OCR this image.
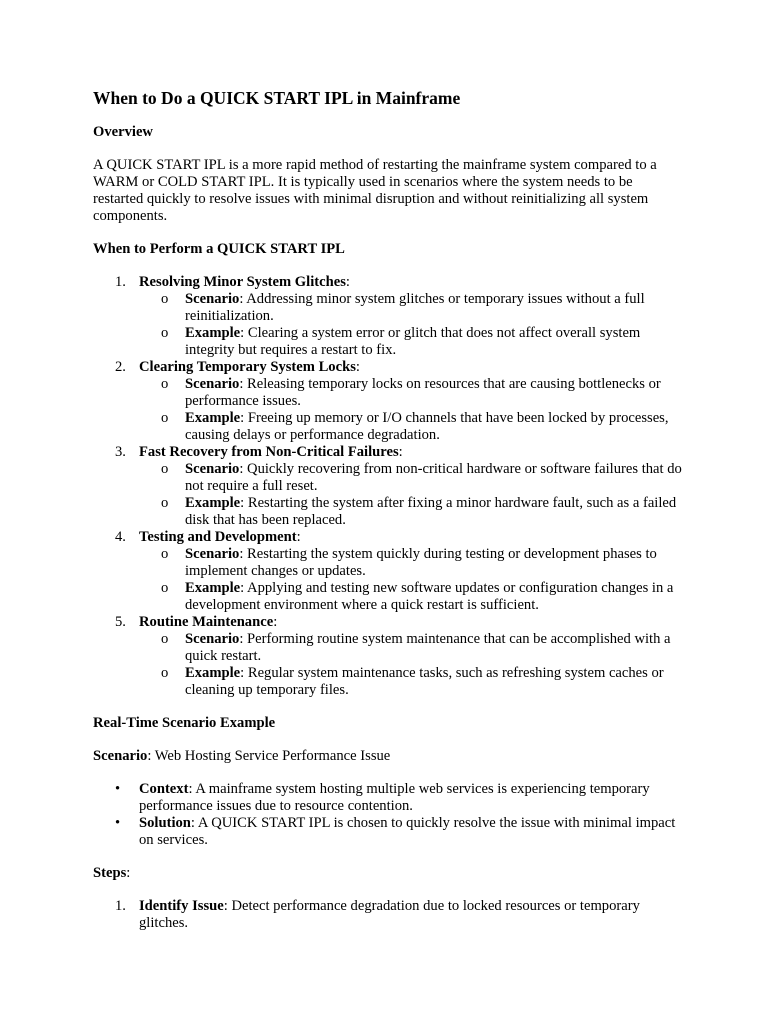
When to Do a QUICK START IPL in Mainframe
Overview

A QUICK START IPL is a more rapid method of restarting the mainframe system compared to a WARM or COLD START IPL. It is typically used in scenarios where the system needs to be restarted quickly to resolve issues with minimal disruption and without reinitializing all system components.

When to Perform a QUICK START IPL
1. Resolving Minor System Glitches:
o Scenario: Addressing minor system glitches or temporary issues without a full reinitialization.
o Example: Clearing a system error or glitch that does not affect overall system integrity but requires a restart to fix.
2. Clearing Temporary System Locks:
o Scenario: Releasing temporary locks on resources that are causing bottlenecks or performance issues.
o Example: Freeing up memory or I/O channels that have been locked by processes, causing delays or performance degradation.
3. Fast Recovery from Non-Critical Failures:
o Scenario: Quickly recovering from non-critical hardware or software failures that do not require a full reset.
o Example: Restarting the system after fixing a minor hardware fault, such as a failed disk that has been replaced.
4. Testing and Development:
o Scenario: Restarting the system quickly during testing or development phases to implement changes or updates.
o Example: Applying and testing new software updates or configuration changes in a development environment where a quick restart is sufficient.
5. Routine Maintenance:
o Scenario: Performing routine system maintenance that can be accomplished with a quick restart.
o Example: Regular system maintenance tasks, such as refreshing system caches or cleaning up temporary files.
Real-Time Scenario Example

Scenario: Web Hosting Service Performance Issue

• Context: A mainframe system hosting multiple web services is experiencing temporary performance issues due to resource contention.
• Solution: A QUICK START IPL is chosen to quickly resolve the issue with minimal impact on services.

Steps:

1. Identify Issue: Detect performance degradation due to locked resources or temporary glitches.
